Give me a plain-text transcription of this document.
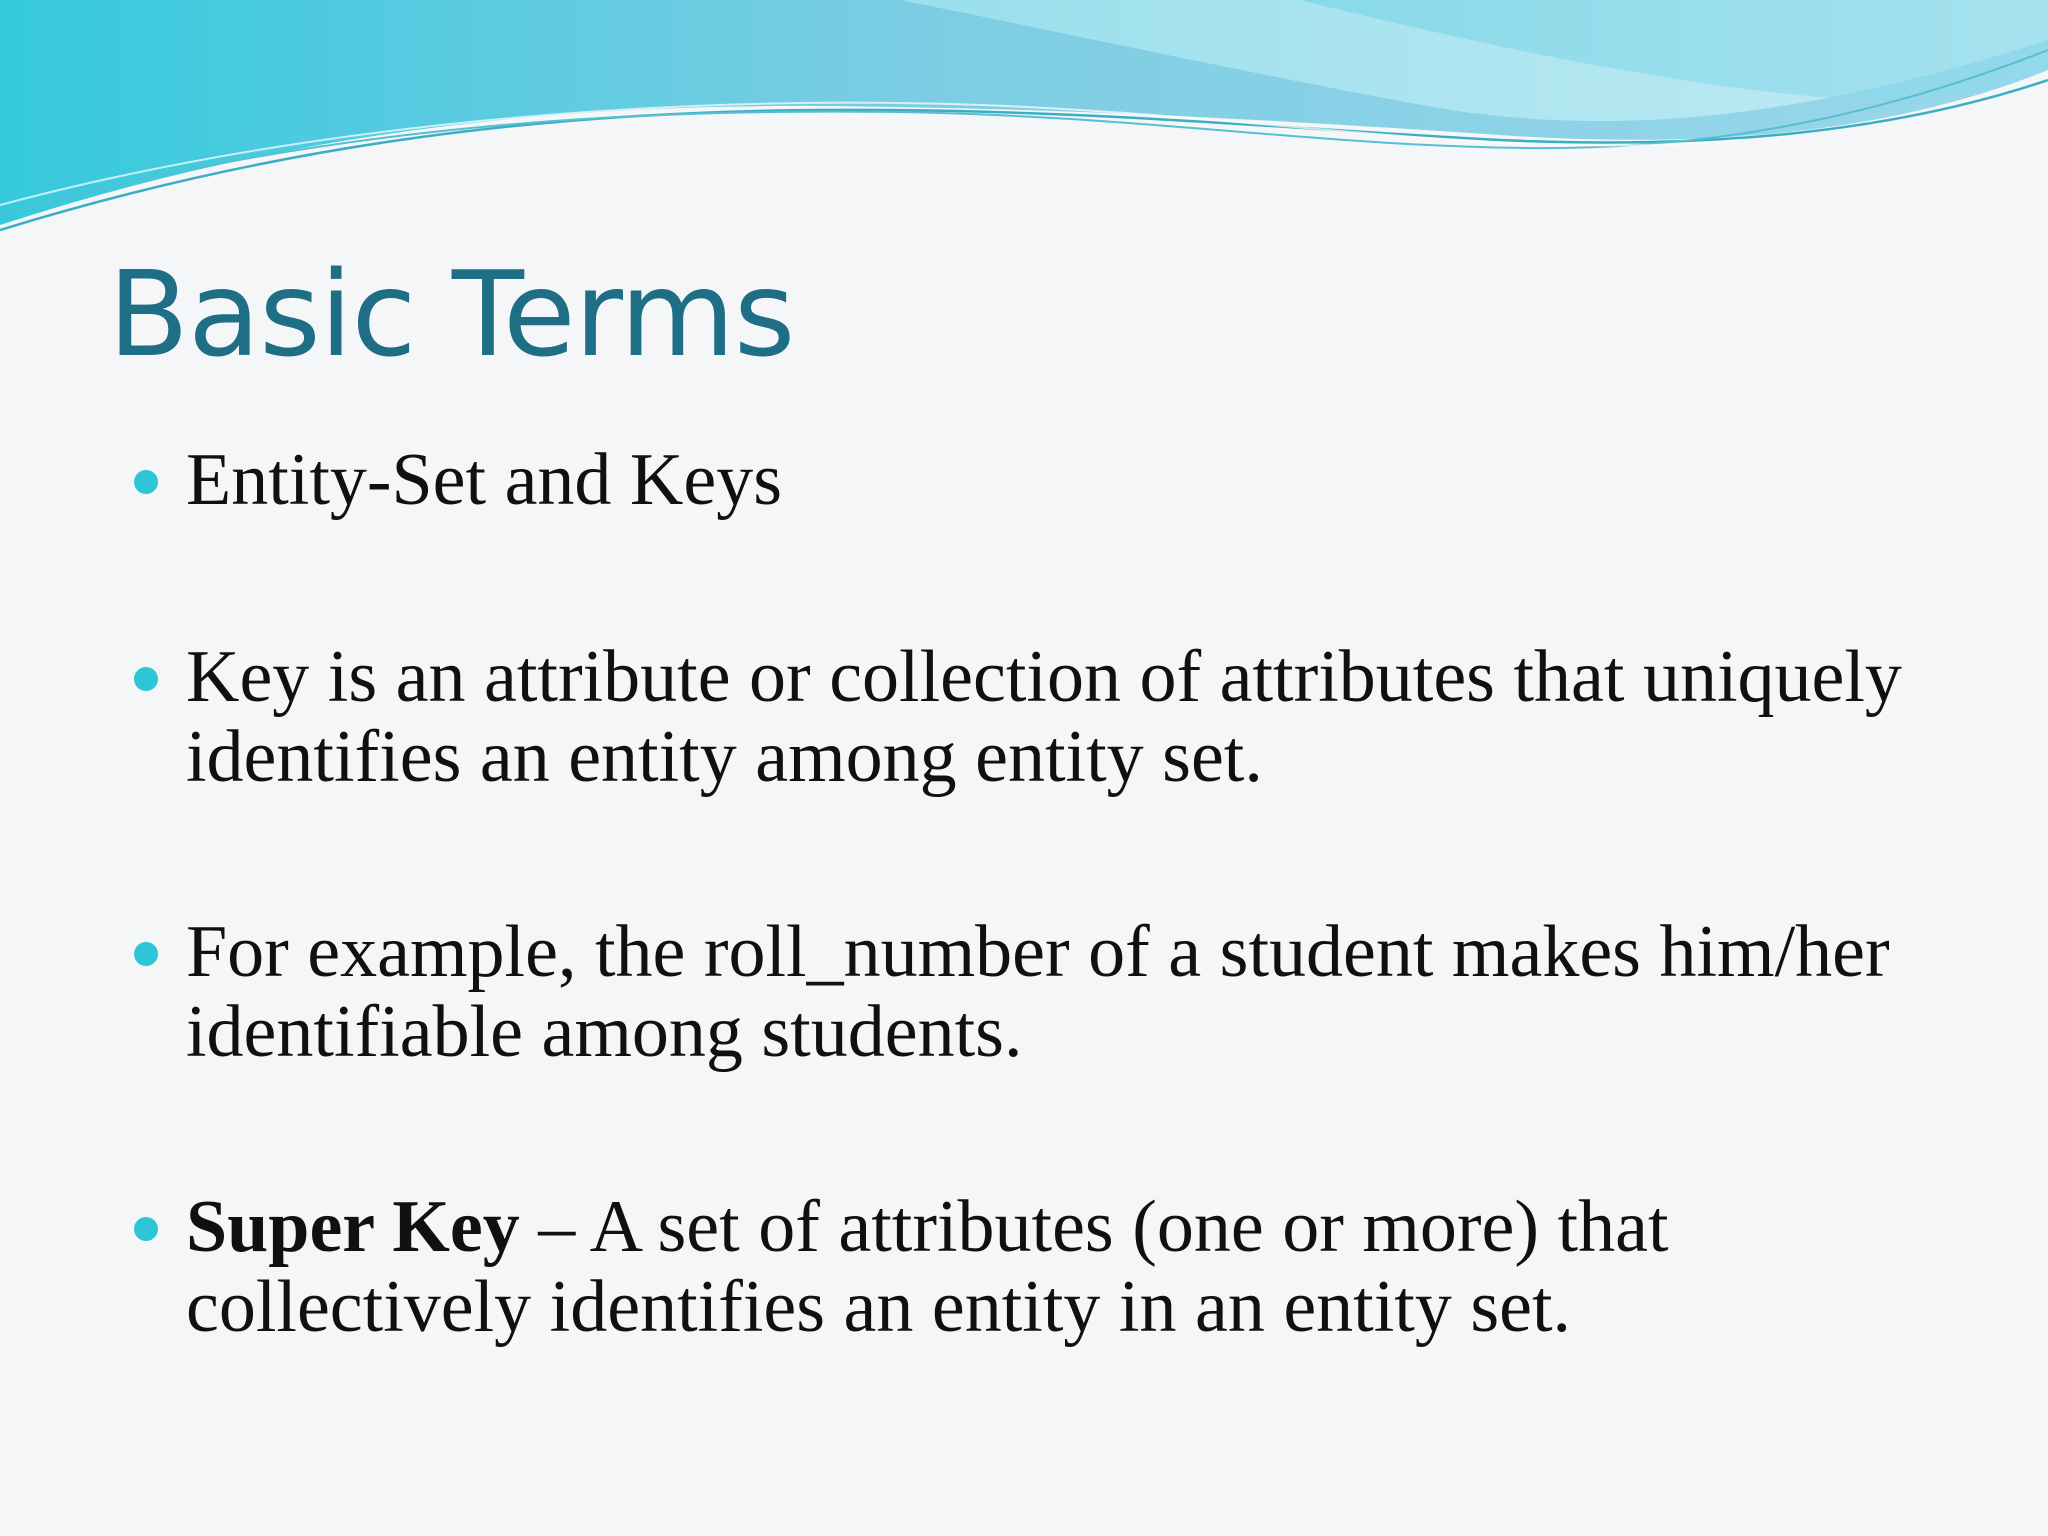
Basic Terms
Entity-Set and Keys
Key is an attribute or collection of attributes that uniquely identifies an entity among entity set.
For example, the roll_number of a student makes him/her identifiable among students.
Super Key – A set of attributes (one or more) that collectively identifies an entity in an entity set.
